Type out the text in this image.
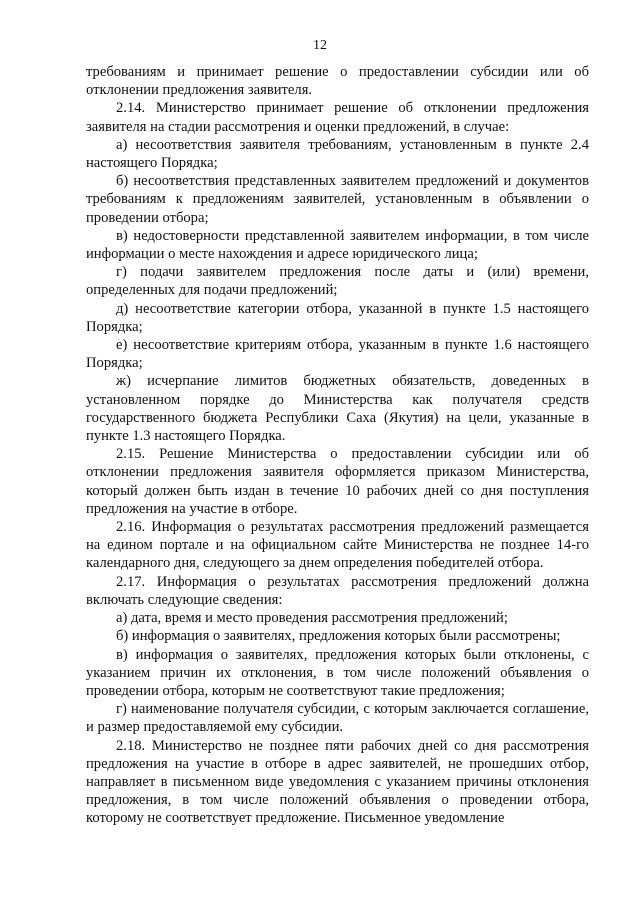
12

требованиям и принимает решение о предоставлении субсидии или об отклонении предложения заявителя.

2.14. Министерство принимает решение об отклонении предложения заявителя на стадии рассмотрения и оценки предложений, в случае:

а) несоответствия заявителя требованиям, установленным в пункте 2.4 настоящего Порядка;

б) несоответствия представленных заявителем предложений и документов требованиям к предложениям заявителей, установленным в объявлении о проведении отбора;

в) недостоверности представленной заявителем информации, в том числе информации о месте нахождения и адресе юридического лица;

г) подачи заявителем предложения после даты и (или) времени, определенных для подачи предложений;

д) несоответствие категории отбора, указанной в пункте 1.5 настоящего Порядка;

е) несоответствие критериям отбора, указанным в пункте 1.6 настоящего Порядка;

ж) исчерпание лимитов бюджетных обязательств, доведенных в установленном порядке до Министерства как получателя средств государственного бюджета Республики Саха (Якутия) на цели, указанные в пункте 1.3 настоящего Порядка.

2.15. Решение Министерства о предоставлении субсидии или об отклонении предложения заявителя оформляется приказом Министерства, который должен быть издан в течение 10 рабочих дней со дня поступления предложения на участие в отборе.

2.16. Информация о результатах рассмотрения предложений размещается на едином портале и на официальном сайте Министерства не позднее 14-го календарного дня, следующего за днем определения победителей отбора.

2.17. Информация о результатах рассмотрения предложений должна включать следующие сведения:

а) дата, время и место проведения рассмотрения предложений;

б) информация о заявителях, предложения которых были рассмотрены;

в) информация о заявителях, предложения которых были отклонены, с указанием причин их отклонения, в том числе положений объявления о проведении отбора, которым не соответствуют такие предложения;

г) наименование получателя субсидии, с которым заключается соглашение, и размер предоставляемой ему субсидии.

2.18. Министерство не позднее пяти рабочих дней со дня рассмотрения предложения на участие в отборе в адрес заявителей, не прошедших отбор, направляет в письменном виде уведомления с указанием причины отклонения предложения, в том числе положений объявления о проведении отбора, которому не соответствует предложение. Письменное уведомление
